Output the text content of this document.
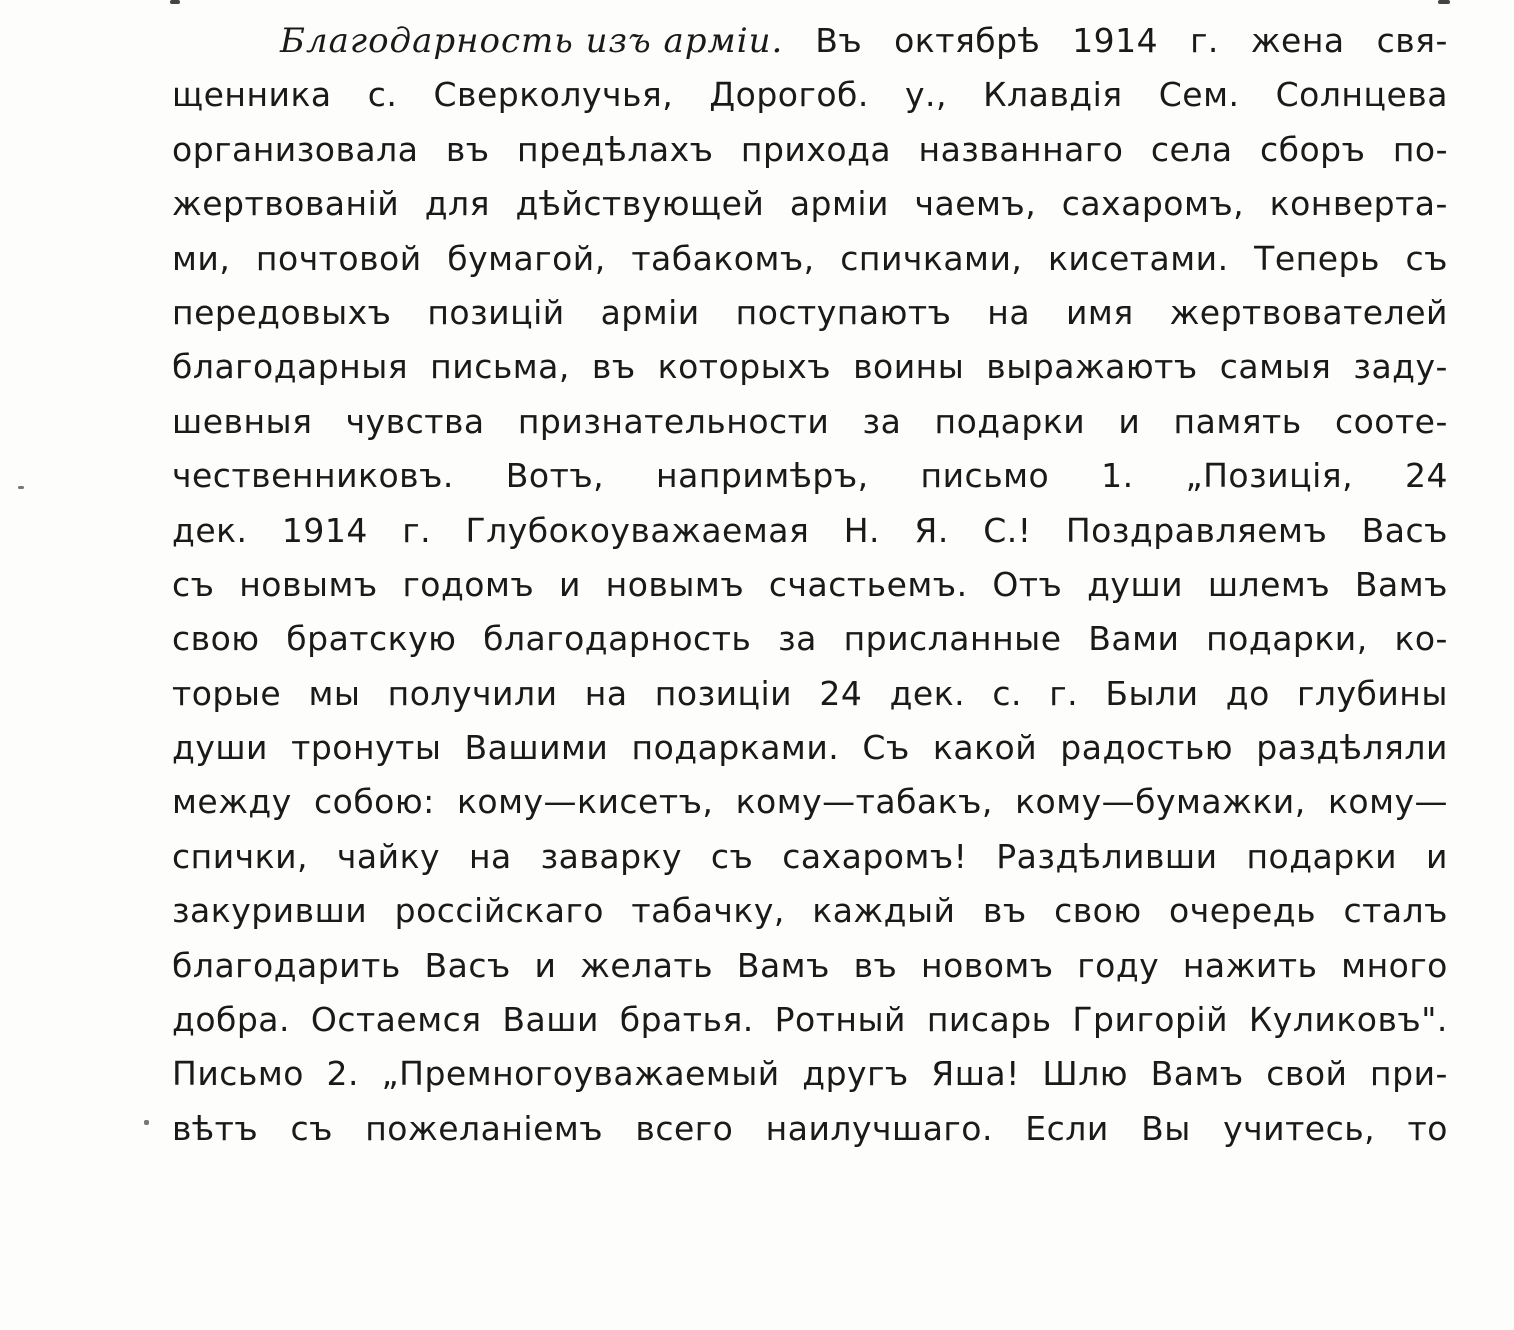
Благодарность изъ арміи. Въ октябрѣ 1914 г. жена свя-
щенника с. Сверколучья, Дорогоб. у., Клавдія Сем. Солнцева
организовала въ предѣлахъ прихода названнаго села сборъ по-
жертвованій для дѣйствующей арміи чаемъ, сахаромъ, конверта-
ми, почтовой бумагой, табакомъ, спичками, кисетами. Теперь съ
передовыхъ позицій арміи поступаютъ на имя жертвователей
благодарныя письма, въ которыхъ воины выражаютъ самыя заду-
шевныя чувства признательности за подарки и память сооте-
чественниковъ. Вотъ, напримѣръ, письмо 1. „Позиція, 24
дек. 1914 г. Глубокоуважаемая Н. Я. С.! Поздравляемъ Васъ
съ новымъ годомъ и новымъ счастьемъ. Отъ души шлемъ Вамъ
свою братскую благодарность за присланные Вами подарки, ко-
торые мы получили на позиціи 24 дек. с. г. Были до глубины
души тронуты Вашими подарками. Съ какой радостью раздѣляли
между собою: кому—кисетъ, кому—табакъ, кому—бумажки, кому—
спички, чайку на заварку съ сахаромъ! Раздѣливши подарки и
закуривши россійскаго табачку, каждый въ свою очередь сталъ
благодарить Васъ и желать Вамъ въ новомъ году нажить много
добра. Остаемся Ваши братья. Ротный писарь Григорій Куликовъ".
Письмо 2. „Премногоуважаемый другъ Яша! Шлю Вамъ свой при-
вѣтъ съ пожеланіемъ всего наилучшаго. Если Вы учитесь, то
